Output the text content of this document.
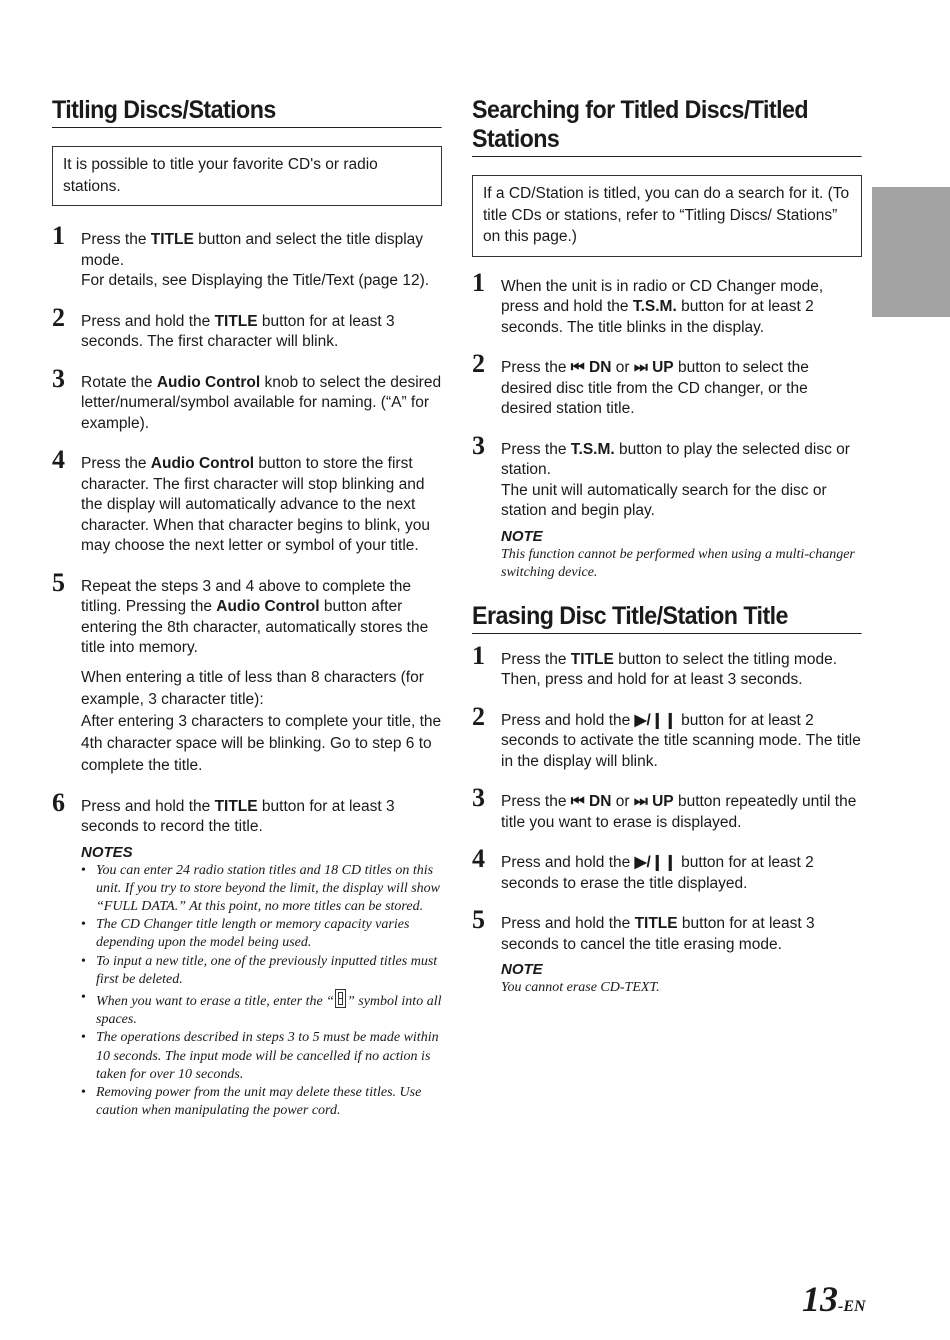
Titling Discs/Stations
It is possible to title your favorite CD's or radio stations.
1	Press the TITLE button and select the title display mode.
For details, see Displaying the Title/Text (page 12).
2	Press and hold the TITLE button for at least 3 seconds. The first character will blink.
3	Rotate the Audio Control knob to select the desired letter/numeral/symbol available for naming. (“A” for example).
4	Press the Audio Control button to store the first character. The first character will stop blinking and the display will automatically advance to the next character. When that character begins to blink, you may choose the next letter or symbol of your title.
5	Repeat the steps 3 and 4 above to complete the titling. Pressing the Audio Control button after entering the 8th character, automatically stores the title into memory.
When entering a title of less than 8 characters (for example, 3 character title):
After entering 3 characters to complete your title, the 4th character space will be blinking. Go to step 6 to complete the title.
6	Press and hold the TITLE button for at least 3 seconds to record the title.
NOTES
• You can enter 24 radio station titles and 18 CD titles on this unit. If you try to store beyond the limit, the display will show “FULL DATA.” At this point, no more titles can be stored.
• The CD Changer title length or memory capacity varies depending upon the model being used.
• To input a new title, one of the previously inputted titles must first be deleted.
• When you want to erase a title, enter the “ ” symbol into all spaces.
• The operations described in steps 3 to 5 must be made within 10 seconds. The input mode will be cancelled if no action is taken for over 10 seconds.
• Removing power from the unit may delete these titles. Use caution when manipulating the power cord.
Searching for Titled Discs/Titled Stations
If a CD/Station is titled, you can do a search for it. (To title CDs or stations, refer to “Titling Discs/ Stations” on this page.)
1	When the unit is in radio or CD Changer mode, press and hold the T.S.M. button for at least 2 seconds. The title blinks in the display.
2	Press the ⏮ DN or ⏭ UP button to select the desired disc title from the CD changer, or the desired station title.
3	Press the T.S.M. button to play the selected disc or station.
The unit will automatically search for the disc or station and begin play.
NOTE
This function cannot be performed when using a multi-changer switching device.
Erasing Disc Title/Station Title
1	Press the TITLE button to select the titling mode. Then, press and hold for at least 3 seconds.
2	Press and hold the ▶/❙❙ button for at least 2 seconds to activate the title scanning mode. The title in the display will blink.
3	Press the ⏮ DN or ⏭ UP button repeatedly until the title you want to erase is displayed.
4	Press and hold the ▶/❙❙ button for at least 2 seconds to erase the title displayed.
5	Press and hold the TITLE button for at least 3 seconds to cancel the title erasing mode.
NOTE
You cannot erase CD-TEXT.
13-EN
